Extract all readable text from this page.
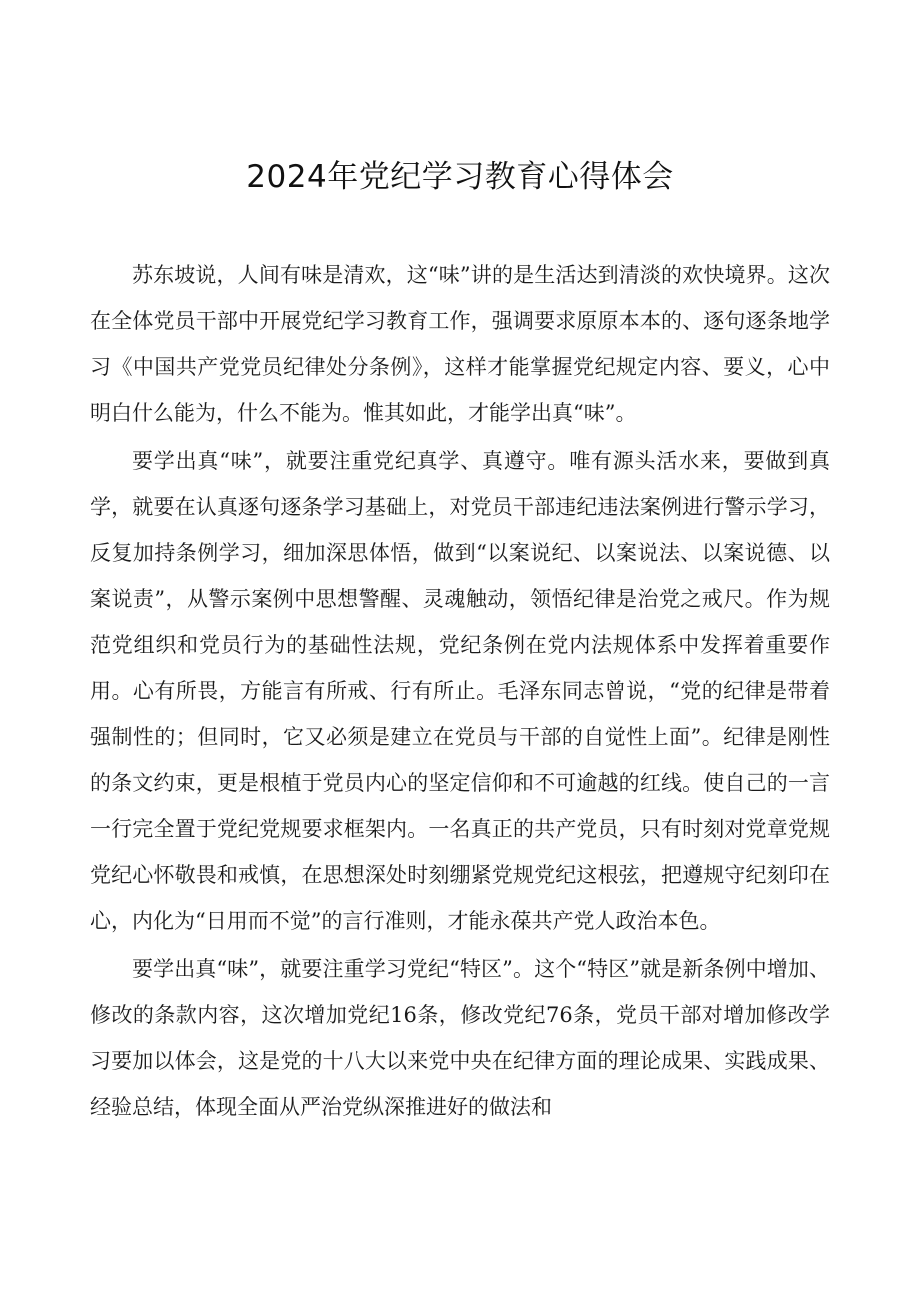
2024年党纪学习教育心得体会

苏东坡说，人间有味是清欢，这“味”讲的是生活达到清淡的欢快境界。这次在全体党员干部中开展党纪学习教育工作，强调要求原原本本的、逐句逐条地学习《中国共产党党员纪律处分条例》，这样才能掌握党纪规定内容、要义，心中明白什么能为，什么不能为。惟其如此，才能学出真“味”。

要学出真“味”，就要注重党纪真学、真遵守。唯有源头活水来，要做到真学，就要在认真逐句逐条学习基础上，对党员干部违纪违法案例进行警示学习，反复加持条例学习，细加深思体悟，做到“以案说纪、以案说法、以案说德、以案说责”，从警示案例中思想警醒、灵魂触动，领悟纪律是治党之戒尺。作为规范党组织和党员行为的基础性法规，党纪条例在党内法规体系中发挥着重要作用。心有所畏，方能言有所戒、行有所止。毛泽东同志曾说，“党的纪律是带着强制性的；但同时，它又必须是建立在党员与干部的自觉性上面”。纪律是刚性的条文约束，更是根植于党员内心的坚定信仰和不可逾越的红线。使自己的一言一行完全置于党纪党规要求框架内。一名真正的共产党员，只有时刻对党章党规党纪心怀敬畏和戒慎，在思想深处时刻绷紧党规党纪这根弦，把遵规守纪刻印在心，内化为“日用而不觉”的言行准则，才能永葆共产党人政治本色。

要学出真“味”，就要注重学习党纪“特区”。这个“特区”就是新条例中增加、修改的条款内容，这次增加党纪16条，修改党纪76条，党员干部对增加修改学习要加以体会，这是党的十八大以来党中央在纪律方面的理论成果、实践成果、经验总结，体现全面从严治党纵深推进好的做法和
